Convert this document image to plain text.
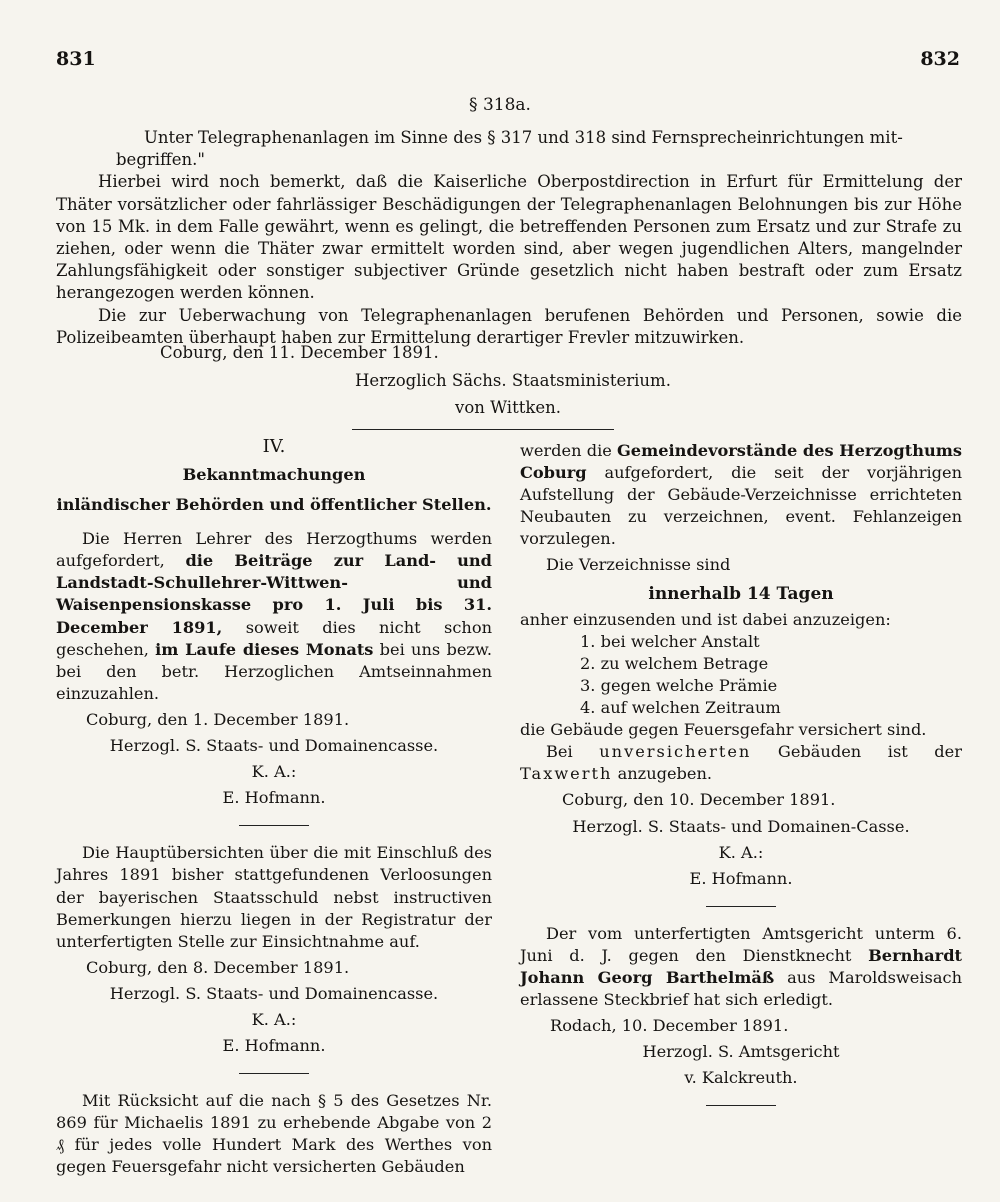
831	832
§ 318a.

Unter Telegraphenanlagen im Sinne des § 317 und 318 sind Fernsprecheinrichtungen mit-

begriffen."

Hierbei wird noch bemerkt, daß die Kaiserliche Oberpostdirection in Erfurt für Ermittelung der Thäter vorsätzlicher oder fahrlässiger Beschädigungen der Telegraphenanlagen Belohnungen bis zur Höhe von 15 Mk. in dem Falle gewährt, wenn es gelingt, die betreffenden Personen zum Ersatz und zur Strafe zu ziehen, oder wenn die Thäter zwar ermittelt worden sind, aber wegen jugendlichen Alters, mangelnder Zahlungsfähigkeit oder sonstiger subjectiver Gründe gesetzlich nicht haben bestraft oder zum Ersatz herangezogen werden können.

Die zur Ueberwachung von Telegraphenanlagen berufenen Behörden und Personen, sowie die Polizeibeamten überhaupt haben zur Ermittelung derartiger Frevler mitzuwirken.

Coburg, den 11. December 1891.
Herzoglich Sächs. Staatsministerium.
von Wittken.

IV.

Bekanntmachungen

inländischer Behörden und öffentlicher Stellen.

Die Herren Lehrer des Herzogthums werden aufgefordert, die Beiträge zur Land- und Landstadt-Schullehrer-Wittwen- und Waisenpensionskasse pro 1. Juli bis 31. December 1891, soweit dies nicht schon geschehen, im Laufe dieses Monats bei uns bezw. bei den betr. Herzoglichen Amtseinnahmen einzuzahlen.

Coburg, den 1. December 1891.

Herzogl. S. Staats- und Domainencasse.

K. A.:

E. Hofmann.

Die Hauptübersichten über die mit Einschluß des Jahres 1891 bisher stattgefundenen Verloosungen der bayerischen Staatsschuld nebst instructiven Bemerkungen hierzu liegen in der Registratur der unterfertigten Stelle zur Einsichtnahme auf.

Coburg, den 8. December 1891.

Herzogl. S. Staats- und Domainencasse.

K. A.:

E. Hofmann.

Mit Rücksicht auf die nach § 5 des Gesetzes Nr. 869 für Michaelis 1891 zu erhebende Abgabe von 2 ₰ für jedes volle Hundert Mark des Werthes von gegen Feuersgefahr nicht versicherten Gebäuden

werden die Gemeindevorstände des Herzogthums Coburg aufgefordert, die seit der vorjährigen Aufstellung der Gebäude-Verzeichnisse errichteten Neubauten zu verzeichnen, event. Fehlanzeigen vorzulegen.

Die Verzeichnisse sind

innerhalb 14 Tagen

anher einzusenden und ist dabei anzuzeigen:

1. bei welcher Anstalt
2. zu welchem Betrage
3. gegen welche Prämie
4. auf welchen Zeitraum

die Gebäude gegen Feuersgefahr versichert sind.

Bei unversicherten Gebäuden ist der Taxwerth anzugeben.

Coburg, den 10. December 1891.

Herzogl. S. Staats- und Domainen-Casse.

K. A.:

E. Hofmann.

Der vom unterfertigten Amtsgericht unterm 6. Juni d. J. gegen den Dienstknecht Bernhardt Johann Georg Barthelmäß aus Maroldsweisach erlassene Steckbrief hat sich erledigt.

Rodach, 10. December 1891.

Herzogl. S. Amtsgericht

v. Kalckreuth.
